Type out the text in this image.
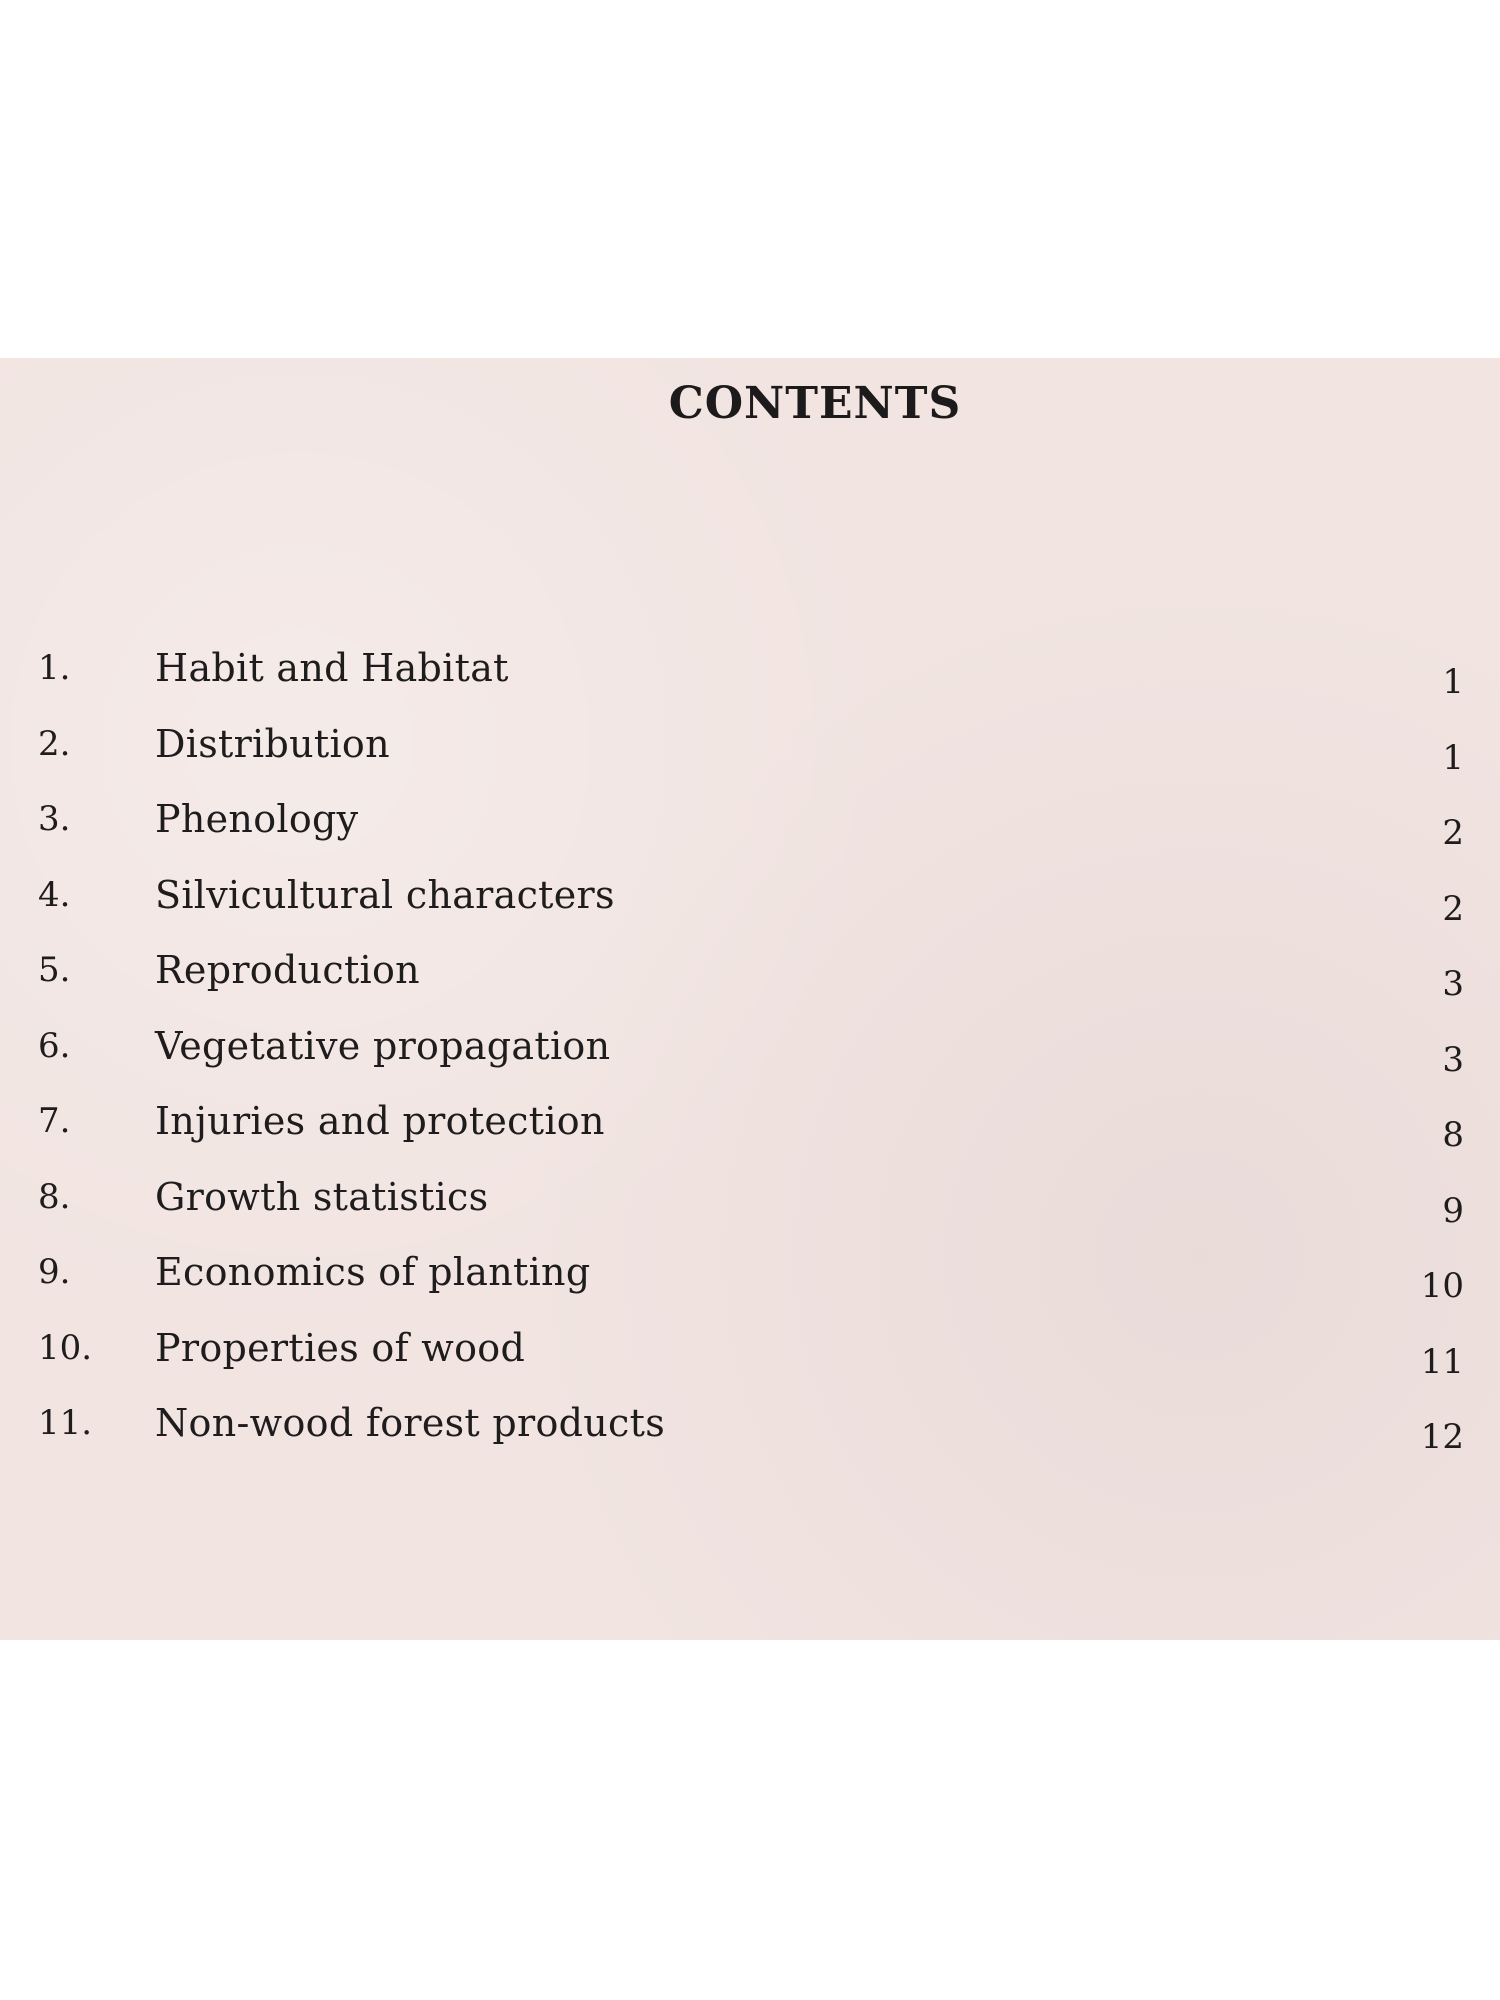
CONTENTS
1. Habit and Habitat	1
2. Distribution	1
3. Phenology	2
4. Silvicultural characters	2
5. Reproduction	3
6. Vegetative propagation	3
7. Injuries and protection	8
8. Growth statistics	9
9. Economics of planting	10
10. Properties of wood	11
11. Non-wood forest products	12
